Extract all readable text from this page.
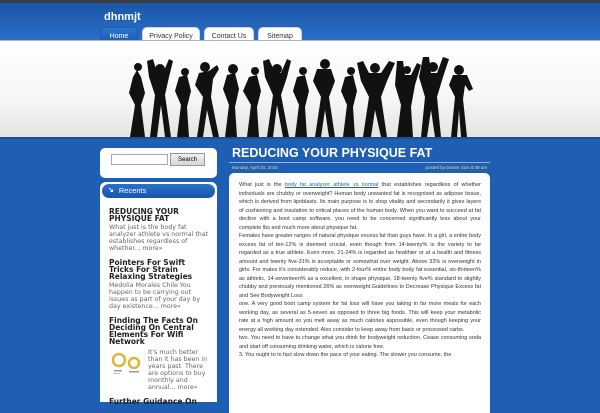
dhnmjt
Home	Privacy Policy	Contact Us	Sitemap
Search
↘ Recents
REDUCING YOUR PHYSIQUE FAT
What just is the body fat analyzer athlete vs normal that establishes regardless of whether... more»
Pointers For Swift Tricks For Strain Relaxing Strategies
Medolia Morales Chile You happen to be carrying out issues as part of your day by day existence... more»
Finding The Facts On Deciding On Central Elements For Wifi Network
It's much better than it has been in years past. There are options to buy monthly and annual... more»
Further Guidance On
REDUCING YOUR PHYSIQUE FAT
Monday, April 20, 2015	posted by Dexter Suis 8:39 am

What just is the body fat analyzer athlete vs normal that establishes regardless of whether individuals are chubby or overweight? Human body unwanted fat is recognized as adipose tissue, which is derived from lipoblasts. Its main purpose is to shop vitality and secondarily it gives layers of cushioning and insulation to critical places of the human body. When you want to succeed at fat decline with a boot camp software, you need to be concerned significantly less about your complete lbs and much more about physique fat.

Females have greater ranges of natural physique excess fat than guys have. In a girl, a entire body excess fat of ten-12% is deemed crucial, even though from 14-twenty% is the variety to be regarded as a true athlete. Even more, 21-24% is regarded as healthier or at a health and fitness amount and twenty five-31% is acceptable or somewhat over weight. Above 32% is overweight in girls. For males it's considerably reduce, with 2-four% entire body body fat essential, six-thirteen% as athletic, 14-seventeen% as a excellent, in shape physique, 18-twenty five% standard to slightly chubby and previously mentioned 26% as overweight.Guidelines to Decrease Physique Excess fat and See Bodyweight Loss

one. A very good boot camp system for fat loss will have you taking in far more meals for each working day, as several as 5-seven as opposed to three big foods. This will keep your metabolic rate at a high amount so you melt away as much calories aspossible, even though keeping your energy all working day extended. Also consider to keep away from basic or processed carbs.

two. You need to have to change what you drink for bodyweight reduction. Cease consuming soda and start off consuming drinking water, which is calorie free.

3. You ought to in fact slow down the pace of your eating. The slower you consume, the
